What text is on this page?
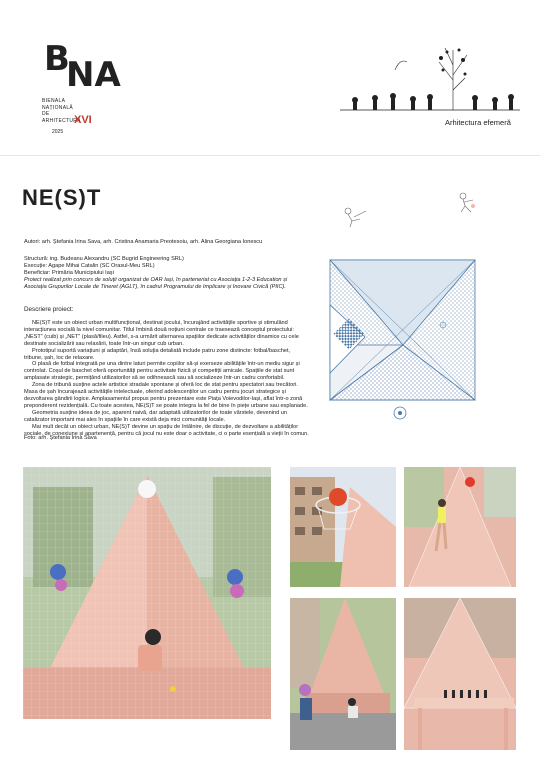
B
NA
BIENALA
NAȚIONALĂ
DE
ARHITECTURĂ
XVI
2025
Arhitectura efemeră
NE(S)T
Autori: arh. Ștefania Irina Sava, arh. Cristina Anamaria Preotesoiu, arh. Alina Georgiana Ionescu
Structură: ing. Budeanu Alexandru (SC Bugrid Engineering SRL)
Execuție: Agape Mihai Catalin (SC Orasul-Meu SRL)
Beneficiar: Primăria Municipiului Iași
Proiect realizat prin concurs de soluții organizat de OAR Iași, în parteneriat cu Asociația 1-2-3 Education și Asociația Grupurilor Locale de Tineret (AGLT), în cadrul Programului de Implicare și Inovare Civică (PIIC).
Descriere proiect:

NE(S)T este un obiect urban multifuncțional, destinat jocului, încurajând activitățile sportive și stimulând interacțiunea socială la nivel comunitar. Titlul îmbină două noțiuni centrale ce traesează conceptul proiectului: „NEST” (cuib) și „NET” (plasă/fileu). Astfel, s-a urmărit alternarea spațiilor dedicate activităților dinamice cu cele destinate socializării sau relaxării, toate într-un singur cub urban.

Prototipul suportă variațiuni și adaptări, însă soluția detaliată include patru zone distincte: fotbal/baschet, tribune, șah, loc de relaxare.

O plasă de fotbal integrată pe una dintre laturi permite copiilor să-și exerseze abilitățile într-un mediu sigur și controlat. Coșul de baschet oferă oportunități pentru activitate fizică și competiții amicale. Spațiile de stat sunt amplasate strategic, permițând utilizatorilor să se odihnească sau să socializeze într-un cadru confortabil.

Zona de tribună susține actele artistice stradale spontane și oferă loc de stat pentru spectatori sau trecători. Masa de șah încurajează activitățile intelectuale, oferind adolescenților un cadru pentru jocuri strategice și dezvoltarea gândirii logice. Amplasamentul propus pentru prezentare este Piața Voievodilor-Iași, aflat într-o zonă preponderent rezidențială. Cu toate acestea, NE(S)T se poate integra la fel de bine în piețe urbane sau esplanade.

Geometria susține ideea de joc, aparent naivă, dar adaptată utilizatorilor de toate vârstele, devenind un catalizator important mai ales în spațiile în care există deja mici comunități locale.

Mai mult decât un obiect urban, NE(S)T devine un spațiu de întâlnire, de discuție, de dezvoltare a abilităților sociale, de conexiune și apartenență, pentru că jocul nu este doar o activitate, ci o parte esențială a vieții în comun.

Foto: arh. Ștefania Irina Sava
